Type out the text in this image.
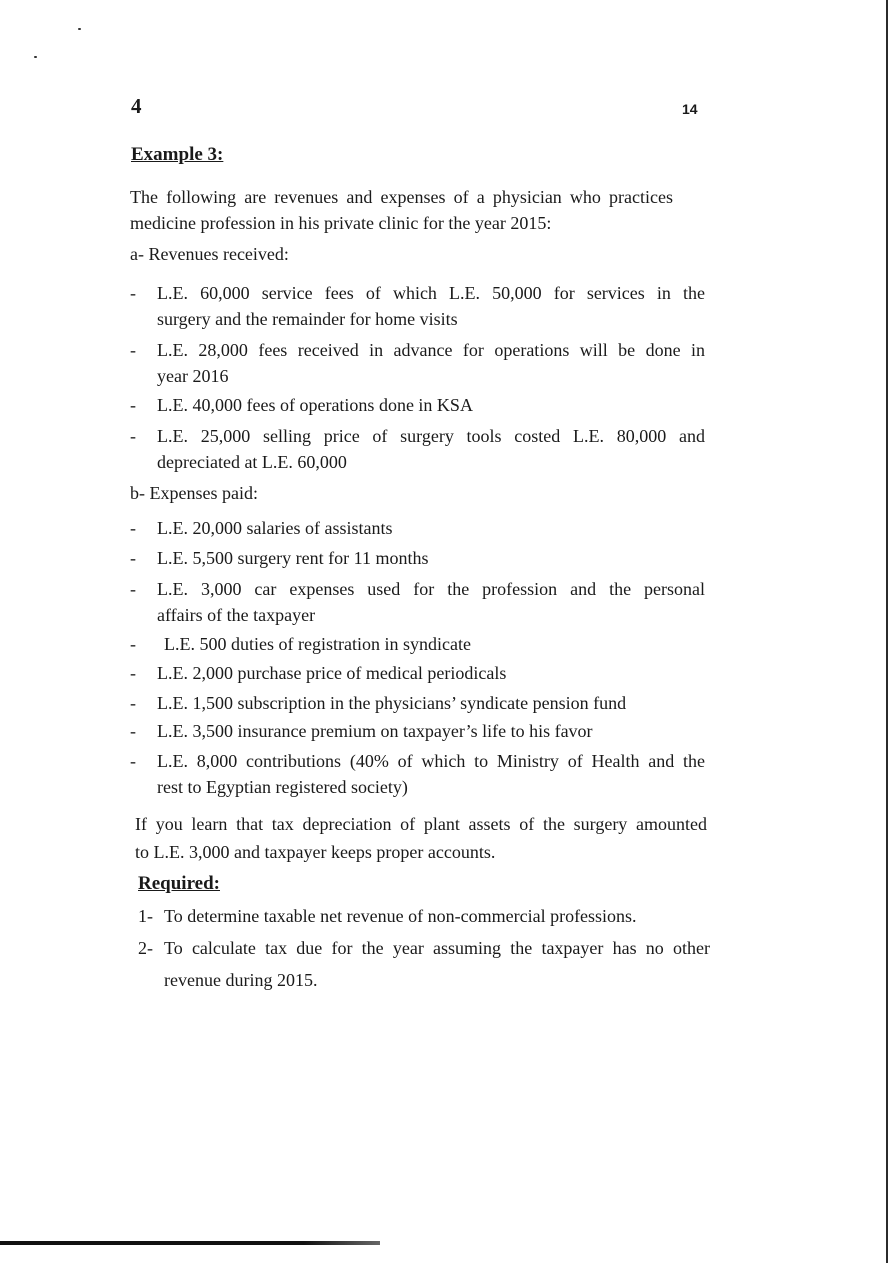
4	14
Example 3:
The following are revenues and expenses of a physician who practices
medicine profession in his private clinic for the year 2015:
a- Revenues received:
- L.E. 60,000 service fees of which L.E. 50,000 for services in the
surgery and the remainder for home visits
- L.E. 28,000 fees received in advance for operations will be done in
year 2016
- L.E. 40,000 fees of operations done in KSA
- L.E. 25,000 selling price of surgery tools costed L.E. 80,000 and
depreciated at L.E. 60,000
b- Expenses paid:
- L.E. 20,000 salaries of assistants
- L.E. 5,500 surgery rent for 11 months
- L.E. 3,000 car expenses used for the profession and the personal
affairs of the taxpayer
- L.E. 500 duties of registration in syndicate
- L.E. 2,000 purchase price of medical periodicals
- L.E. 1,500 subscription in the physicians’ syndicate pension fund
- L.E. 3,500 insurance premium on taxpayer’s life to his favor
- L.E. 8,000 contributions (40% of which to Ministry of Health and the
rest to Egyptian registered society)
If you learn that tax depreciation of plant assets of the surgery amounted
to L.E. 3,000 and taxpayer keeps proper accounts.
Required:
1- To determine taxable net revenue of non-commercial professions.
2- To calculate tax due for the year assuming the taxpayer has no other
revenue during 2015.
